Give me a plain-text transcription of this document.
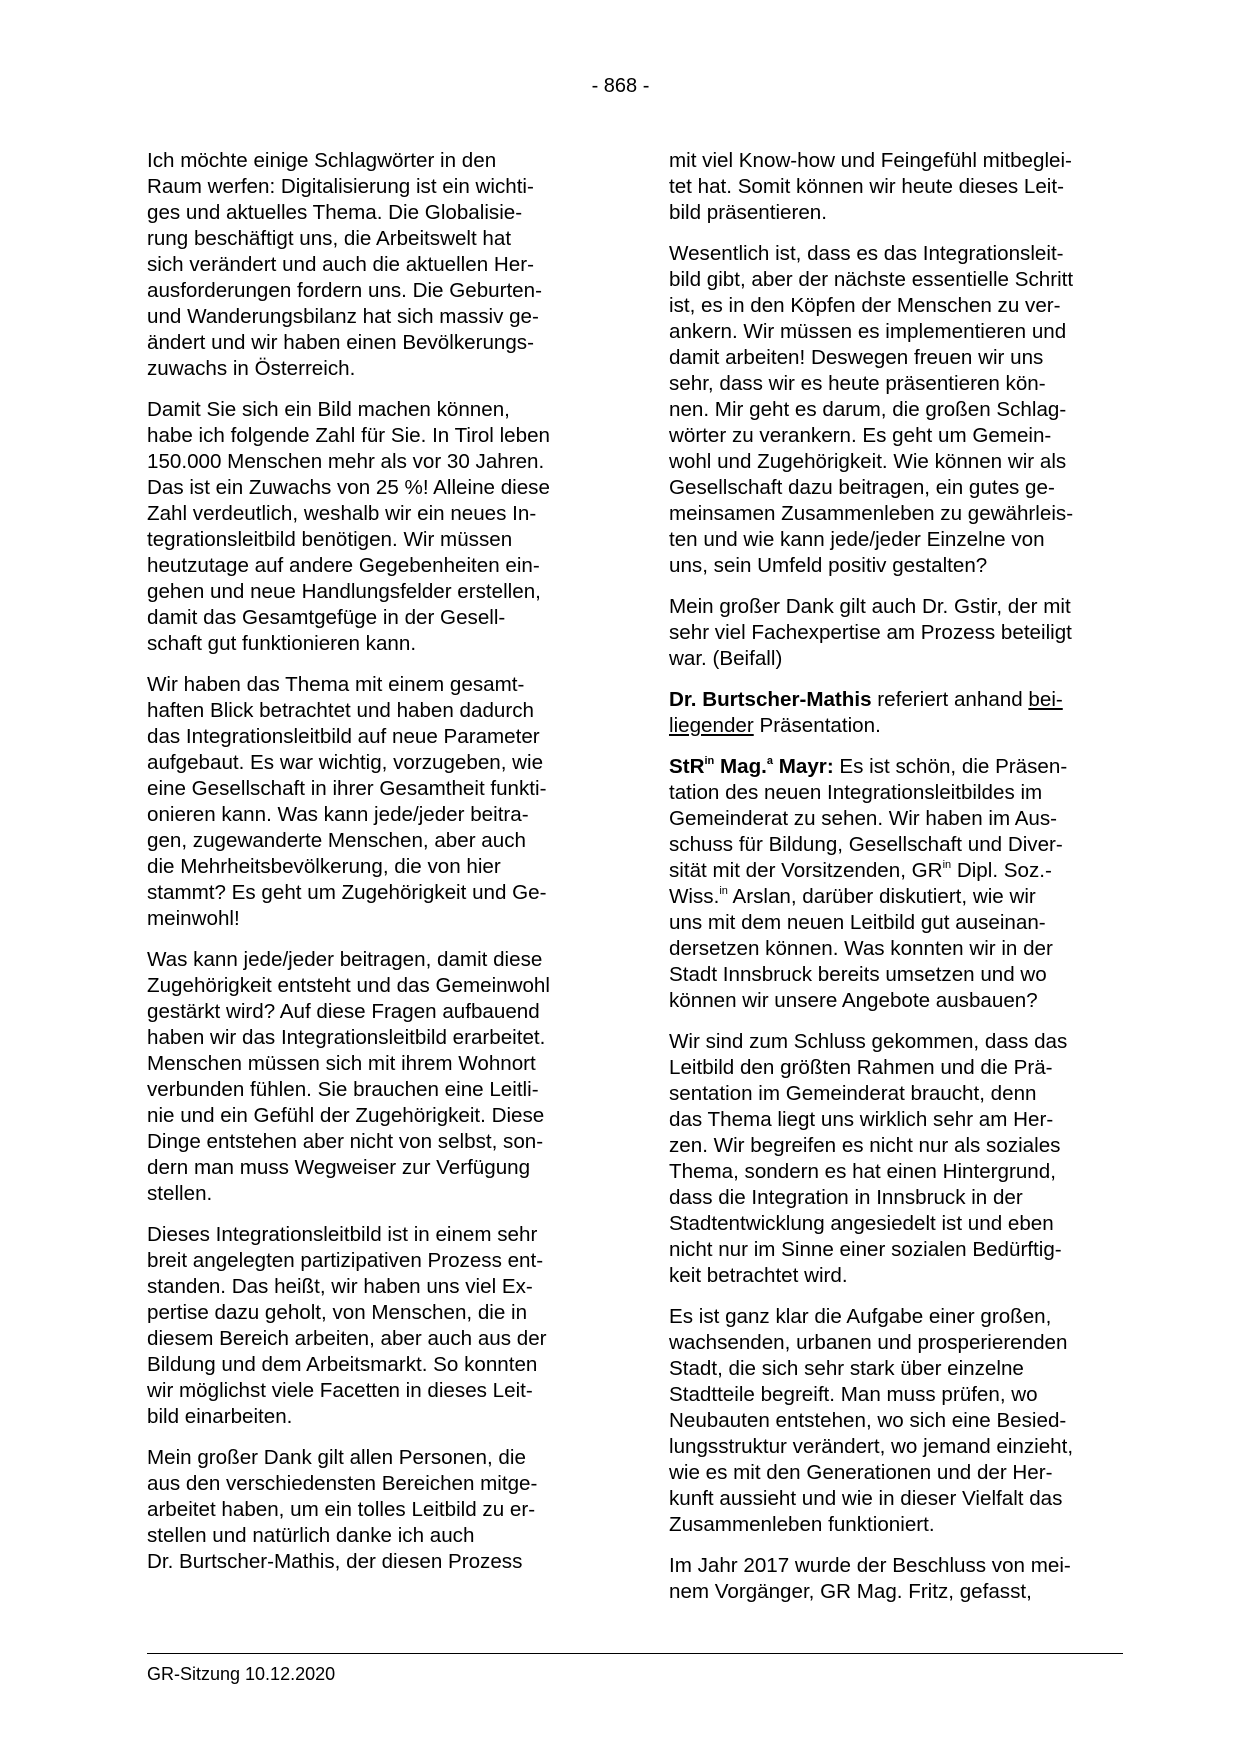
- 868 -
Ich möchte einige Schlagwörter in den
Raum werfen: Digitalisierung ist ein wichti-
ges und aktuelles Thema. Die Globalisie-
rung beschäftigt uns, die Arbeitswelt hat
sich verändert und auch die aktuellen Her-
ausforderungen fordern uns. Die Geburten-
und Wanderungsbilanz hat sich massiv ge-
ändert und wir haben einen Bevölkerungs-
zuwachs in Österreich.
Damit Sie sich ein Bild machen können,
habe ich folgende Zahl für Sie. In Tirol leben
150.000 Menschen mehr als vor 30 Jahren.
Das ist ein Zuwachs von 25 %! Alleine diese
Zahl verdeutlich, weshalb wir ein neues In-
tegrationsleitbild benötigen. Wir müssen
heutzutage auf andere Gegebenheiten ein-
gehen und neue Handlungsfelder erstellen,
damit das Gesamtgefüge in der Gesell-
schaft gut funktionieren kann.
Wir haben das Thema mit einem gesamt-
haften Blick betrachtet und haben dadurch
das Integrationsleitbild auf neue Parameter
aufgebaut. Es war wichtig, vorzugeben, wie
eine Gesellschaft in ihrer Gesamtheit funkti-
onieren kann. Was kann jede/jeder beitra-
gen, zugewanderte Menschen, aber auch
die Mehrheitsbevölkerung, die von hier
stammt? Es geht um Zugehörigkeit und Ge-
meinwohl!
Was kann jede/jeder beitragen, damit diese
Zugehörigkeit entsteht und das Gemeinwohl
gestärkt wird? Auf diese Fragen aufbauend
haben wir das Integrationsleitbild erarbeitet.
Menschen müssen sich mit ihrem Wohnort
verbunden fühlen. Sie brauchen eine Leitli-
nie und ein Gefühl der Zugehörigkeit. Diese
Dinge entstehen aber nicht von selbst, son-
dern man muss Wegweiser zur Verfügung
stellen.
Dieses Integrationsleitbild ist in einem sehr
breit angelegten partizipativen Prozess ent-
standen. Das heißt, wir haben uns viel Ex-
pertise dazu geholt, von Menschen, die in
diesem Bereich arbeiten, aber auch aus der
Bildung und dem Arbeitsmarkt. So konnten
wir möglichst viele Facetten in dieses Leit-
bild einarbeiten.
Mein großer Dank gilt allen Personen, die
aus den verschiedensten Bereichen mitge-
arbeitet haben, um ein tolles Leitbild zu er-
stellen und natürlich danke ich auch
Dr. Burtscher-Mathis, der diesen Prozess
mit viel Know-how und Feingefühl mitbeglei-
tet hat. Somit können wir heute dieses Leit-
bild präsentieren.
Wesentlich ist, dass es das Integrationsleit-
bild gibt, aber der nächste essentielle Schritt
ist, es in den Köpfen der Menschen zu ver-
ankern. Wir müssen es implementieren und
damit arbeiten! Deswegen freuen wir uns
sehr, dass wir es heute präsentieren kön-
nen. Mir geht es darum, die großen Schlag-
wörter zu verankern. Es geht um Gemein-
wohl und Zugehörigkeit. Wie können wir als
Gesellschaft dazu beitragen, ein gutes ge-
meinsamen Zusammenleben zu gewährleis-
ten und wie kann jede/jeder Einzelne von
uns, sein Umfeld positiv gestalten?
Mein großer Dank gilt auch Dr. Gstir, der mit
sehr viel Fachexpertise am Prozess beteiligt
war. (Beifall)
Dr. Burtscher-Mathis referiert anhand bei-
liegender Präsentation.
StR$^{in}$ Mag.$^a$ Mayr: Es ist schön, die Präsen-
tation des neuen Integrationsleitbildes im
Gemeinderat zu sehen. Wir haben im Aus-
schuss für Bildung, Gesellschaft und Diver-
sität mit der Vorsitzenden, $GR^{in}$ Dipl. Soz.-
Wiss.$^{in}$ Arslan, darüber diskutiert, wie wir
uns mit dem neuen Leitbild gut auseinan-
dersetzen können. Was konnten wir in der
Stadt Innsbruck bereits umsetzen und wo
können wir unsere Angebote ausbauen?
Wir sind zum Schluss gekommen, dass das
Leitbild den größten Rahmen und die Prä-
sentation im Gemeinderat braucht, denn
das Thema liegt uns wirklich sehr am Her-
zen. Wir begreifen es nicht nur als soziales
Thema, sondern es hat einen Hintergrund,
dass die Integration in Innsbruck in der
Stadtentwicklung angesiedelt ist und eben
nicht nur im Sinne einer sozialen Bedürftig-
keit betrachtet wird.
Es ist ganz klar die Aufgabe einer großen,
wachsenden, urbanen und prosperierenden
Stadt, die sich sehr stark über einzelne
Stadtteile begreift. Man muss prüfen, wo
Neubauten entstehen, wo sich eine Besied-
lungsstruktur verändert, wo jemand einzieht,
wie es mit den Generationen und der Her-
kunft aussieht und wie in dieser Vielfalt das
Zusammenleben funktioniert.
Im Jahr 2017 wurde der Beschluss von mei-
nem Vorgänger, GR Mag. Fritz, gefasst,
GR-Sitzung 10.12.2020
